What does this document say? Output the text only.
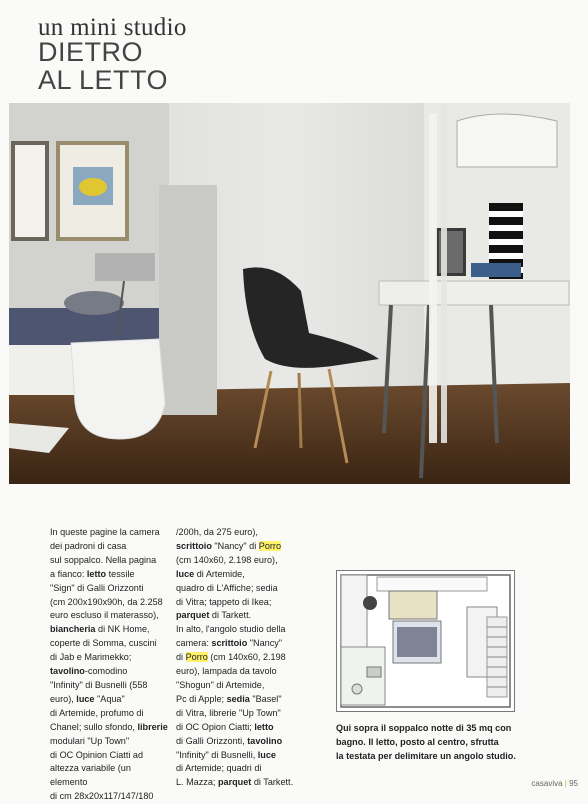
un mini studio
DIETRO
AL LETTO

In queste pagine la camera

dei padroni di casa

sul soppalco. Nella pagina

a fianco: letto tessile

"Sign" di Galli Orizzonti

(cm 200x190x90h, da 2.258

euro escluso il materasso),

biancheria di NK Home,

coperte di Somma, cuscini

di Jab e Marimekko;

tavolino-comodino

"Infinity" di Busnelli (558

euro), luce "Aqua"

di Artemide, profumo di

Chanel; sullo sfondo, librerie

modulari "Up Town"

di OC Opinion Ciatti ad

altezza variabile (un elemento

di cm 28x20x117/147/180

/200h, da 275 euro),

scrittoio "Nancy" di Porro

(cm 140x60, 2.198 euro),

luce di Artemide,

quadro di L'Affiche; sedia

di Vitra; tappeto di Ikea;

parquet di Tarkett.

In alto, l'angolo studio della

camera: scrittoio "Nancy"

di Porro (cm 140x60, 2.198

euro), lampada da tavolo

"Shogun" di Artemide,

Pc di Apple; sedia "Basel"

di Vitra, librerie "Up Town"

di OC Opion Ciatti; letto

di Galli Orizzonti, tavolino

"Infinity" di Busnelli, luce

di Artemide; quadri di

L. Mazza; parquet di Tarkett.

Qui sopra il soppalco notte di 35 mq con
bagno. Il letto, posto al centro, sfrutta
la testata per delimitare un angolo studio.
casaviva | 95
